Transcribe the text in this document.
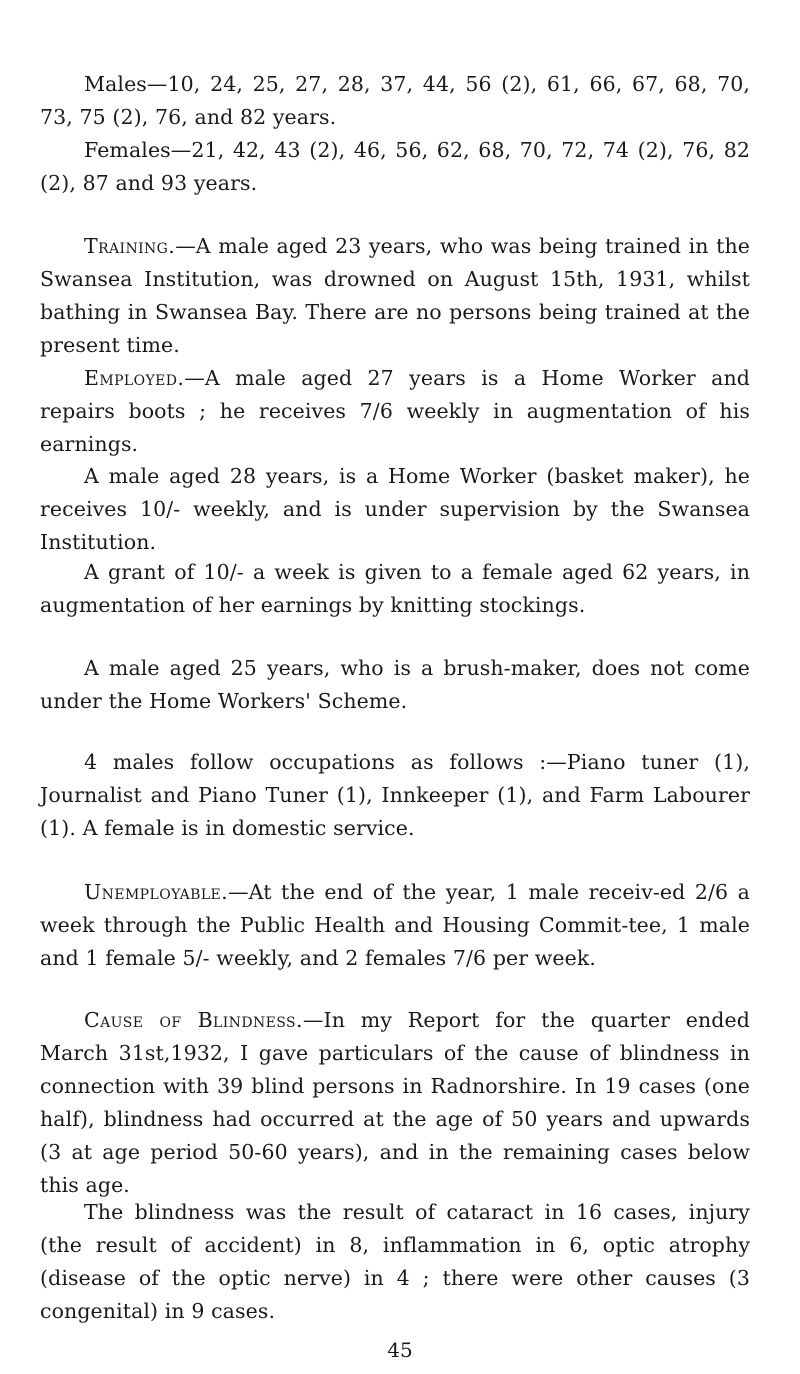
Males—10, 24, 25, 27, 28, 37, 44, 56 (2), 61, 66, 67, 68, 70, 73, 75 (2), 76, and 82 years.

Females—21, 42, 43 (2), 46, 56, 62, 68, 70, 72, 74 (2), 76, 82 (2), 87 and 93 years.

Training.—A male aged 23 years, who was being trained in the Swansea Institution, was drowned on August 15th, 1931, whilst bathing in Swansea Bay. There are no persons being trained at the present time.

Employed.—A male aged 27 years is a Home Worker and repairs boots ; he receives 7/6 weekly in augmentation of his earnings.

A male aged 28 years, is a Home Worker (basket maker), he receives 10/- weekly, and is under supervision by the Swansea Institution.

A grant of 10/- a week is given to a female aged 62 years, in augmentation of her earnings by knitting stockings.

A male aged 25 years, who is a brush-maker, does not come under the Home Workers' Scheme.

4 males follow occupations as follows :—Piano tuner (1), Journalist and Piano Tuner (1), Innkeeper (1), and Farm Labourer (1). A female is in domestic service.

Unemployable.—At the end of the year, 1 male receiv-ed 2/6 a week through the Public Health and Housing Commit-tee, 1 male and 1 female 5/- weekly, and 2 females 7/6 per week.

Cause of Blindness.—In my Report for the quarter ended March 31st,1932, I gave particulars of the cause of blindness in connection with 39 blind persons in Radnorshire. In 19 cases (one half), blindness had occurred at the age of 50 years and upwards (3 at age period 50-60 years), and in the remaining cases below this age.

The blindness was the result of cataract in 16 cases, injury (the result of accident) in 8, inflammation in 6, optic atrophy (disease of the optic nerve) in 4 ; there were other causes (3 congenital) in 9 cases.

45
